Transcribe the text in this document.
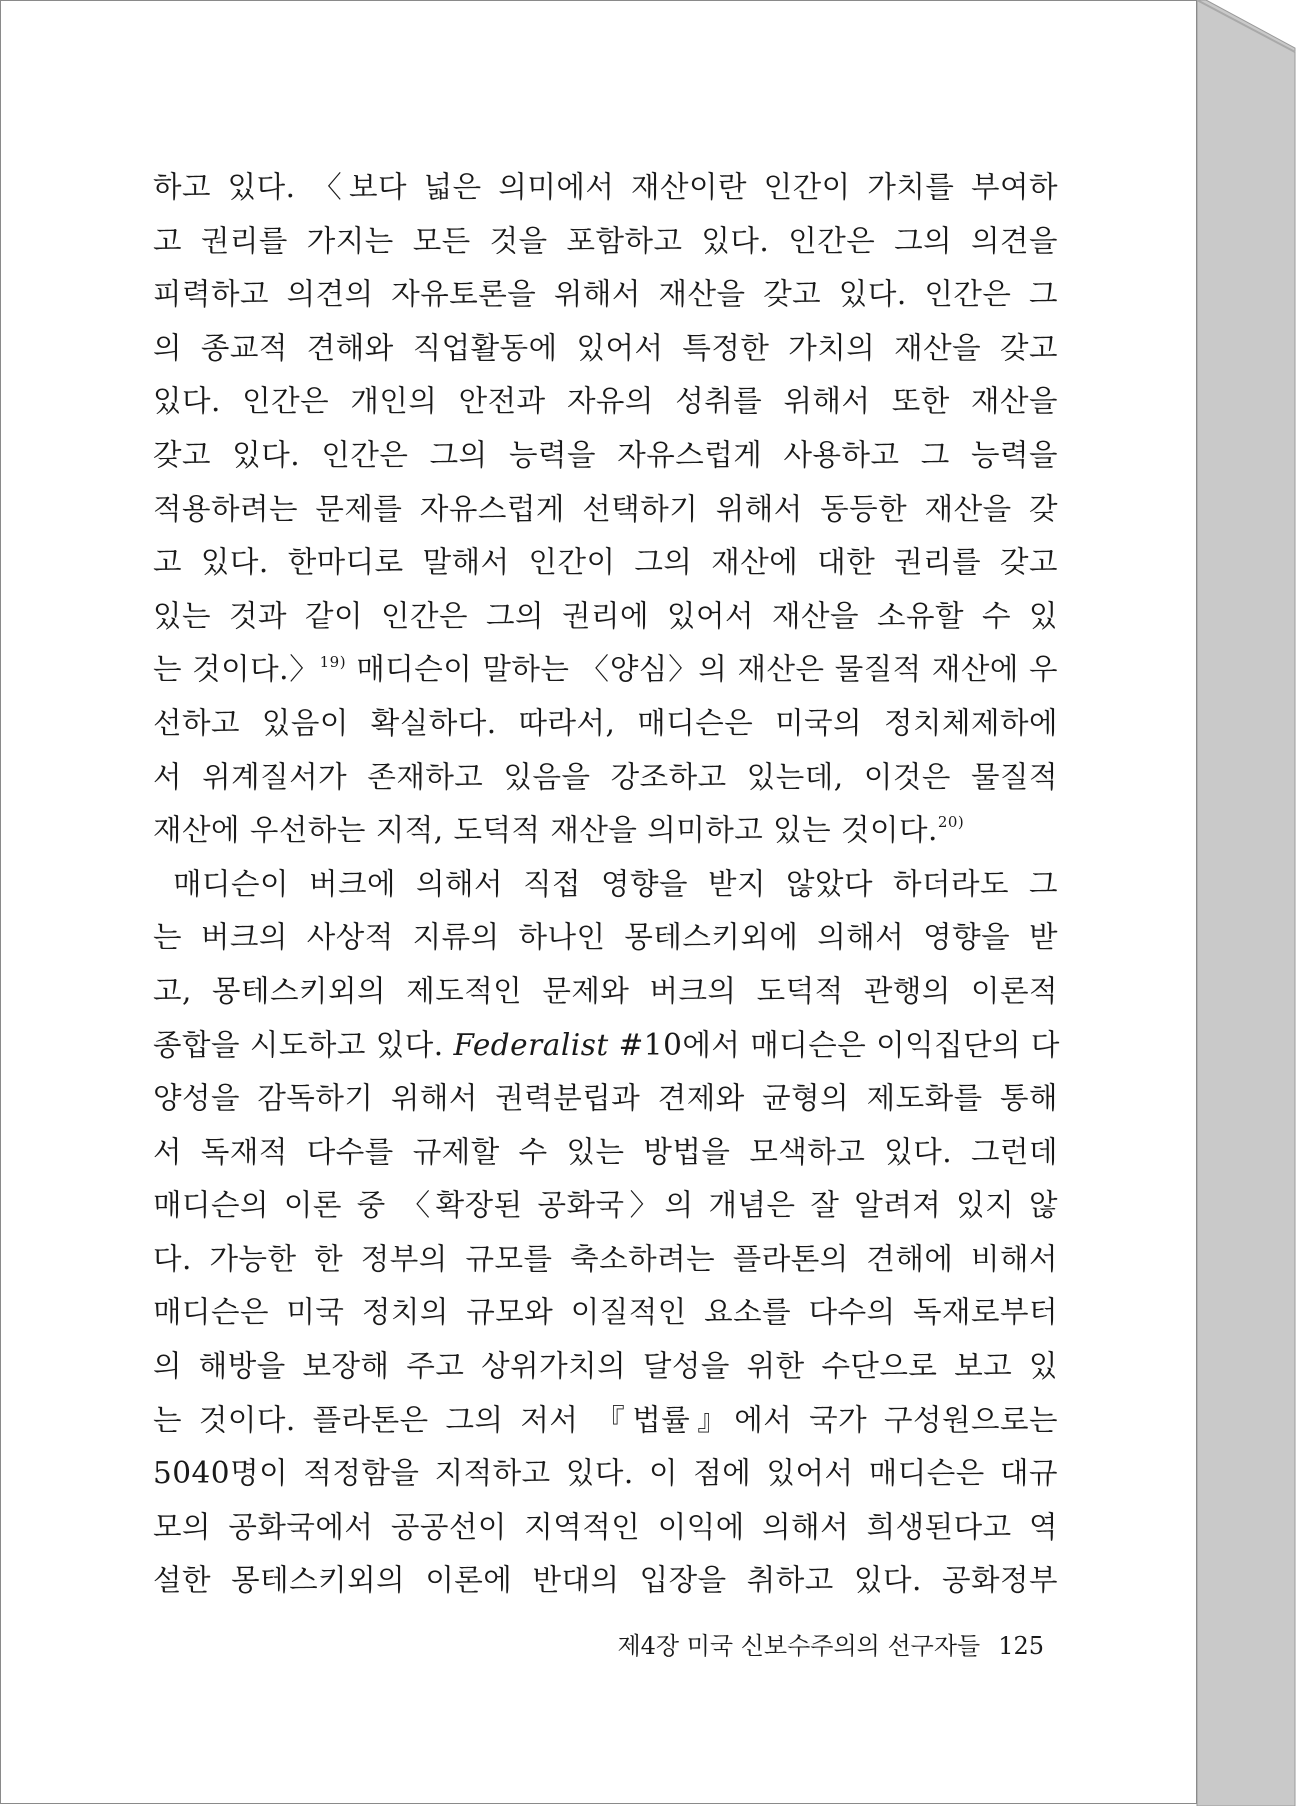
하고 있다. 〈보다 넓은 의미에서 재산이란 인간이 가치를 부여하
고 권리를 가지는 모든 것을 포함하고 있다. 인간은 그의 의견을
피력하고 의견의 자유토론을 위해서 재산을 갖고 있다. 인간은 그
의 종교적 견해와 직업활동에 있어서 특정한 가치의 재산을 갖고
있다. 인간은 개인의 안전과 자유의 성취를 위해서 또한 재산을
갖고 있다. 인간은 그의 능력을 자유스럽게 사용하고 그 능력을
적용하려는 문제를 자유스럽게 선택하기 위해서 동등한 재산을 갖
고 있다. 한마디로 말해서 인간이 그의 재산에 대한 권리를 갖고
있는 것과 같이 인간은 그의 권리에 있어서 재산을 소유할 수 있
는 것이다.〉$^{19)}$ 매디슨이 말하는 〈양심〉의 재산은 물질적 재산에 우
선하고 있음이 확실하다. 따라서, 매디슨은 미국의 정치체제하에
서 위계질서가 존재하고 있음을 강조하고 있는데, 이것은 물질적
재산에 우선하는 지적, 도덕적 재산을 의미하고 있는 것이다.$^{20)}$
매디슨이 버크에 의해서 직접 영향을 받지 않았다 하더라도 그
는 버크의 사상적 지류의 하나인 몽테스키외에 의해서 영향을 받
고, 몽테스키외의 제도적인 문제와 버크의 도덕적 관행의 이론적
종합을 시도하고 있다. Federalist #10에서 매디슨은 이익집단의 다
양성을 감독하기 위해서 권력분립과 견제와 균형의 제도화를 통해
서 독재적 다수를 규제할 수 있는 방법을 모색하고 있다. 그런데
매디슨의 이론 중 〈확장된 공화국〉의 개념은 잘 알려져 있지 않
다. 가능한 한 정부의 규모를 축소하려는 플라톤의 견해에 비해서
매디슨은 미국 정치의 규모와 이질적인 요소를 다수의 독재로부터
의 해방을 보장해 주고 상위가치의 달성을 위한 수단으로 보고 있
는 것이다. 플라톤은 그의 저서 『법률』에서 국가 구성원으로는
5040명이 적정함을 지적하고 있다. 이 점에 있어서 매디슨은 대규
모의 공화국에서 공공선이 지역적인 이익에 의해서 희생된다고 역
설한 몽테스키외의 이론에 반대의 입장을 취하고 있다. 공화정부
제4장 미국 신보수주의의 선구자들 125
